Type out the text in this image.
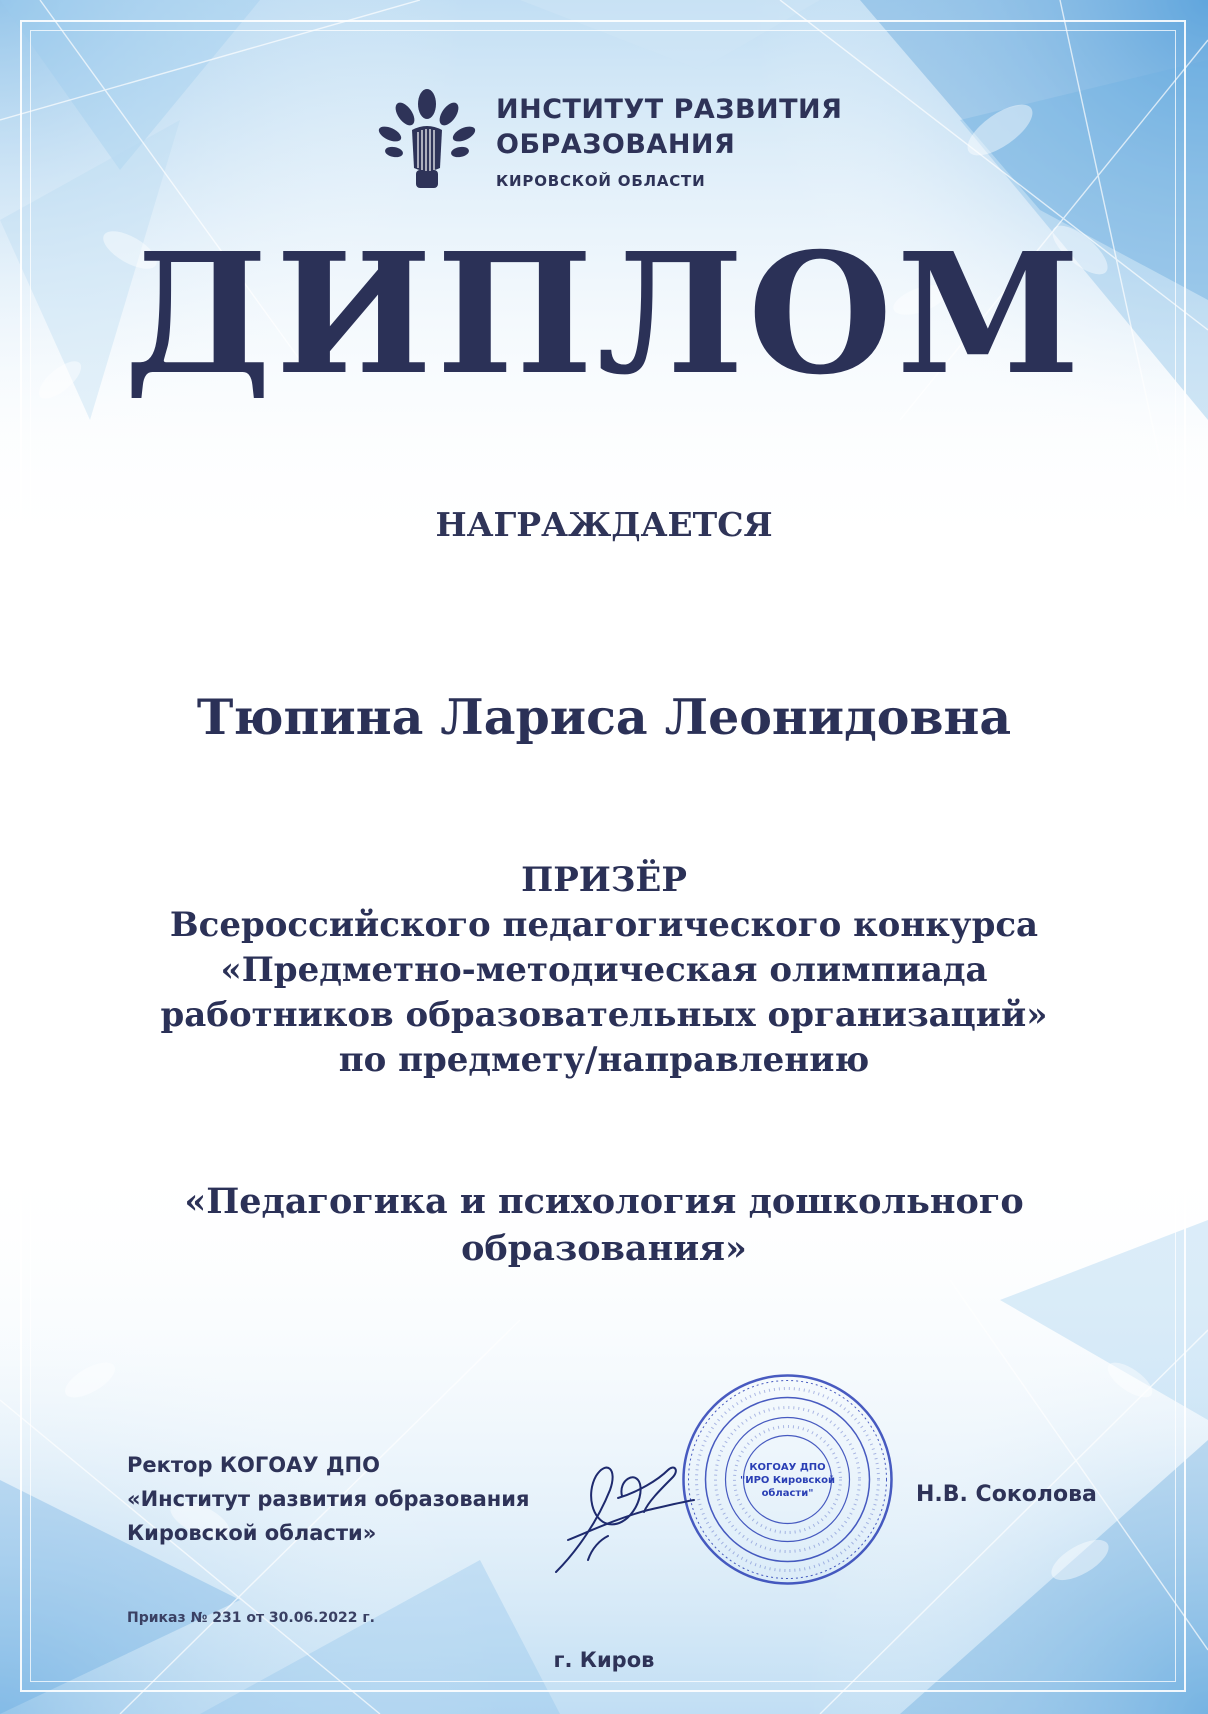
ИНСТИТУТ РАЗВИТИЯ
ОБРАЗОВАНИЯ
КИРОВСКОЙ ОБЛАСТИ
ДИПЛОМ
НАГРАЖДАЕТСЯ
Тюпина Лариса Леонидовна
ПРИЗЁР
Всероссийского педагогического конкурса
«Предметно-методическая олимпиада
работников образовательных организаций»
по предмету/направлению
«Педагогика и психология дошкольного
образования»
Ректор КОГОАУ ДПО
«Институт развития образования
Кировской области»
КОГОАУ ДПО
"ИРО Кировской
области"	Н.В. Соколова
Приказ № 231 от 30.06.2022 г.
г. Киров
